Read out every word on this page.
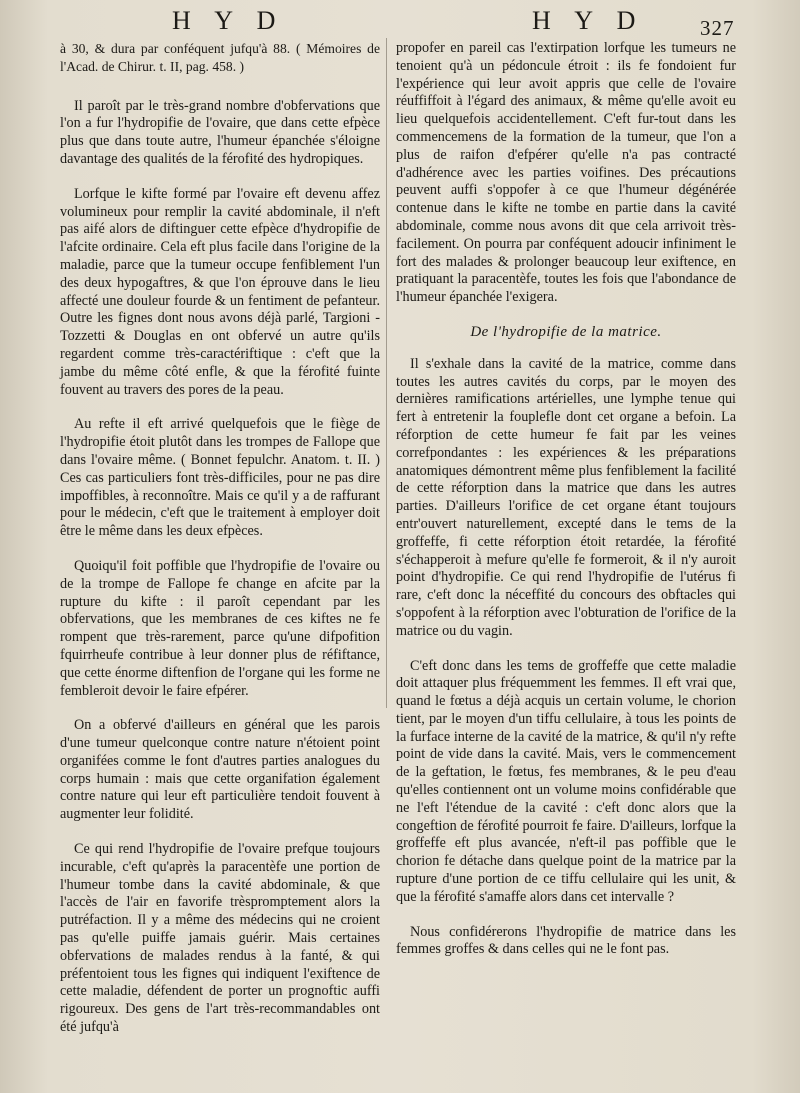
H Y D	H Y D	327

à 30, & dura par conféquent jufqu'à 88. ( Mémoires de l'Acad. de Chirur. t. II, pag. 458. )

Il paroît par le très-grand nombre d'obfervations que l'on a fur l'hydropifie de l'ovaire, que dans cette efpèce plus que dans toute autre, l'humeur épanchée s'éloigne davantage des qualités de la férofité des hydropiques.

Lorfque le kifte formé par l'ovaire eft devenu affez volumineux pour remplir la cavité abdominale, il n'eft pas aifé alors de diftinguer cette efpèce d'hydropifie de l'afcite ordinaire. Cela eft plus facile dans l'origine de la maladie, parce que la tumeur occupe fenfiblement l'un des deux hypogaftres, & que l'on éprouve dans le lieu affecté une douleur fourde & un fentiment de pefanteur. Outre les fignes dont nous avons déjà parlé, Targioni - Tozzetti & Douglas en ont obfervé un autre qu'ils regardent comme très-caractériftique : c'eft que la jambe du même côté enfle, & que la férofité fuinte fouvent au travers des pores de la peau.

Au refte il eft arrivé quelquefois que le fiège de l'hydropifie étoit plutôt dans les trompes de Fallope que dans l'ovaire même. ( Bonnet fepulchr. Anatom. t. II. ) Ces cas particuliers font très-difficiles, pour ne pas dire impoffibles, à reconnoître. Mais ce qu'il y a de raffurant pour le médecin, c'eft que le traitement à employer doit être le même dans les deux efpèces.

Quoiqu'il foit poffible que l'hydropifie de l'ovaire ou de la trompe de Fallope fe change en afcite par la rupture du kifte : il paroît cependant par les obfervations, que les membranes de ces kiftes ne fe rompent que très-rarement, parce qu'une difpofition fquirrheufe contribue à leur donner plus de réfiftance, que cette énorme diftenfion de l'organe qui les forme ne fembleroit devoir le faire efpérer.

On a obfervé d'ailleurs en général que les parois d'une tumeur quelconque contre nature n'étoient point organifées comme le font d'autres parties analogues du corps humain : mais que cette organifation également contre nature qui leur eft particulière tendoit fouvent à augmenter leur folidité.

Ce qui rend l'hydropifie de l'ovaire prefque toujours incurable, c'eft qu'après la paracentèfe une portion de l'humeur tombe dans la cavité abdominale, & que l'accès de l'air en favorife trèspromptement alors la putréfaction. Il y a même des médecins qui ne croient pas qu'elle puiffe jamais guérir. Mais certaines obfervations de malades rendus à la fanté, & qui préfentoient tous les fignes qui indiquent l'exiftence de cette maladie, défendent de porter un prognoftic auffi rigoureux. Des gens de l'art très-recommandables ont été jufqu'à

propofer en pareil cas l'extirpation lorfque les tumeurs ne tenoient qu'à un pédoncule étroit : ils fe fondoient fur l'expérience qui leur avoit appris que celle de l'ovaire réuffiffoit à l'égard des animaux, & même qu'elle avoit eu lieu quelquefois accidentellement. C'eft fur-tout dans les commencemens de la formation de la tumeur, que l'on a plus de raifon d'efpérer qu'elle n'a pas contracté d'adhérence avec les parties voifines. Des précautions peuvent auffi s'oppofer à ce que l'humeur dégénérée contenue dans le kifte ne tombe en partie dans la cavité abdominale, comme nous avons dit que cela arrivoit très-facilement. On pourra par conféquent adoucir infiniment le fort des malades & prolonger beaucoup leur exiftence, en pratiquant la paracentèfe, toutes les fois que l'abondance de l'humeur épanchée l'exigera.

De l'hydropifie de la matrice.

Il s'exhale dans la cavité de la matrice, comme dans toutes les autres cavités du corps, par le moyen des dernières ramifications artérielles, une lymphe tenue qui fert à entretenir la fouplefle dont cet organe a befoin. La réforption de cette humeur fe fait par les veines correfpondantes : les expériences & les préparations anatomiques démontrent même plus fenfiblement la facilité de cette réforption dans la matrice que dans les autres parties. D'ailleurs l'orifice de cet organe étant toujours entr'ouvert naturellement, excepté dans le tems de la groffeffe, fi cette réforption étoit retardée, la férofité s'échapperoit à mefure qu'elle fe formeroit, & il n'y auroit point d'hydropifie. Ce qui rend l'hydropifie de l'utérus fi rare, c'eft donc la néceffité du concours des obftacles qui s'oppofent à la réforption avec l'obturation de l'orifice de la matrice ou du vagin.

C'eft donc dans les tems de groffeffe que cette maladie doit attaquer plus fréquemment les femmes. Il eft vrai que, quand le fœtus a déjà acquis un certain volume, le chorion tient, par le moyen d'un tiffu cellulaire, à tous les points de la furface interne de la cavité de la matrice, & qu'il n'y refte point de vide dans la cavité. Mais, vers le commencement de la geftation, le fœtus, fes membranes, & le peu d'eau qu'elles contiennent ont un volume moins confidérable que ne l'eft l'étendue de la cavité : c'eft donc alors que la congeftion de férofité pourroit fe faire. D'ailleurs, lorfque la groffeffe eft plus avancée, n'eft-il pas poffible que le chorion fe détache dans quelque point de la matrice par la rupture d'une portion de ce tiffu cellulaire qui les unit, & que la férofité s'amaffe alors dans cet intervalle ?

Nous confidérerons l'hydropifie de matrice dans les femmes groffes & dans celles qui ne le font pas.
